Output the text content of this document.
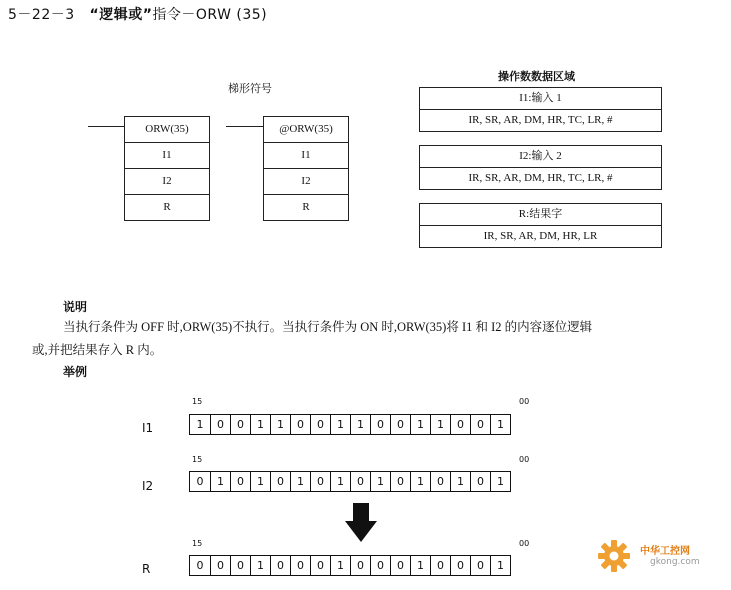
5－22－3 “逻辑或”指令－ORW (35)
梯形符号
ORW(35)
I1
I2
R
@ORW(35)
I1
I2
R
操作数数据区域
I1:输入 1
IR, SR, AR, DM, HR, TC, LR, #
I2:输入 2
IR, SR, AR, DM, HR, TC, LR, #
R:结果字
IR, SR, AR, DM, HR, LR
说明
当执行条件为 OFF 时,ORW(35)不执行。当执行条件为 ON 时,ORW(35)将 I1 和 I2 的内容逐位逻辑
或,并把结果存入 R 内。
举例
15	00
I1	1	0	0	1	1	0	0	1	1	0	0	1	1	0	0	1
15	00
I2	0	1	0	1	0	1	0	1	0	1	0	1	0	1	0	1
15	00
R	0	0	0	1	0	0	0	1	0	0	0	1	0	0	0	1
中华工控网
gkong.com
